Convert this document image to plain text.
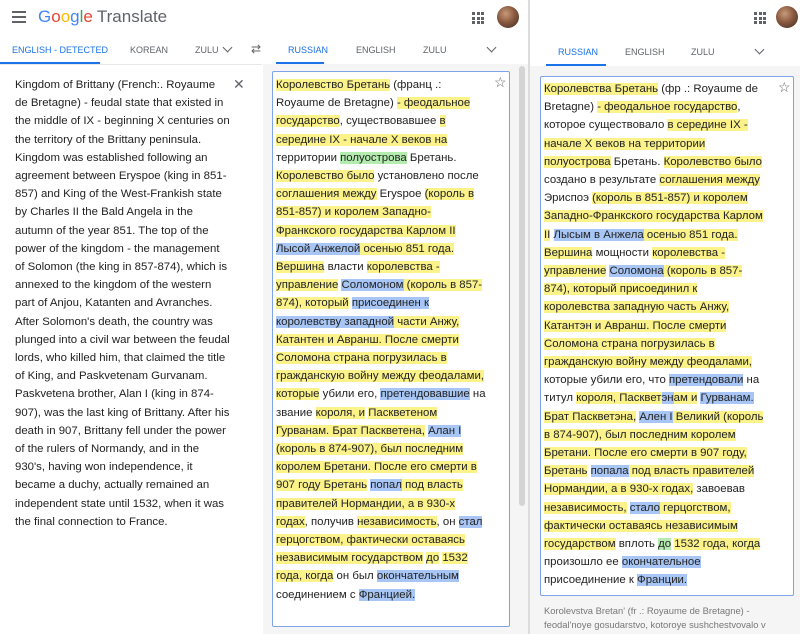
Google Translate
ENGLISH - DETECTED KOREAN	ZULU	⇄	RUSSIAN	ENGLISH	ZULU
Kingdom of Brittany (French:. Royaume de Bretagne) - feudal state that existed in the middle of IX - beginning X centuries on the territory of the Brittany peninsula. Kingdom was established following an agreement between Eryspoe (king in 851-857) and King of the West-Frankish state by Charles II the Bald Angela in the autumn of the year 851. The top of the power of the kingdom - the management of Solomon (the king in 857-874), which is annexed to the kingdom of the western part of Anjou, Katanten and Avranches. After Solomon's death, the country was plunged into a civil war between the feudal lords, who killed him, that claimed the title of King, and Paskvetenam Gurvanam. Paskvetena brother, Alan I (king in 874-907), was the last king of Brittany. After his death in 907, Brittany fell under the power of the rulers of Normandy, and in the 930's, having won independence, it became a duchy, actually remained an independent state until 1532, when it was the final connection to France.
✕	Королевство Бретань (франц .: Royaume de Bretagne) - феодальное государство, существовавшее в середине IX - начале X веков на территории полуострова Бретань. Королевство было установлено после соглашения между Eryspoe (король в 851-857) и королем Западно-Франкского государства Карлом II Лысой Анжелой осенью 851 года. Вершина власти королевства - управление Соломоном (король в 857-874), который присоединен к королевству западной части Анжу, Катантен и Авранш. После смерти Соломона страна погрузилась в гражданскую войну между феодалами, которые убили его, претендовавшие на звание короля, и Паскветеном Гурванам. Брат Паскветена, Алан I (король в 874-907), был последним королем Бретани. После его смерти в 907 году Бретань попал под власть правителей Нормандии, а в 930-х годах, получив независимость, он стал герцогством, фактически оставаясь независимым государством до 1532 года, когда он был окончательным соединением с Францией.
☆
RUSSIAN	ENGLISH	ZULU
Королевства Бретань (фр .: Royaume de Bretagne) - феодальное государство, которое существовало в середине IX - начале X веков на территории полуострова Бретань. Королевство было создано в результате соглашения между Эриспоэ (король в 851-857) и королем Западно-Франкского государства Карлом II Лысым в Анжела осенью 851 года. Вершина мощности королевства - управление Соломона (король в 857-874), который присоединил к королевства западную часть Анжу, Катантэн и Авранш. После смерти Соломона страна погрузилась в гражданскую войну между феодалами, которые убили его, что претендовали на титул короля, Паскветэнам и Гурванам. Брат Паскветэна, Ален I Великий (король в 874-907), был последним королем Бретани. После его смерти в 907 году, Бретань попала под власть правителей Нормандии, а в 930-х годах, завоевав независимость, стало герцогством, фактически оставаясь независимым государством вплоть до 1532 года, когда произошло ее окончательное присоединение к Франции.
☆
Korolevstva Bretan' (fr .: Royaume de Bretagne) - feodal'noye gosudarstvo, kotoroye sushchestvovalo v
